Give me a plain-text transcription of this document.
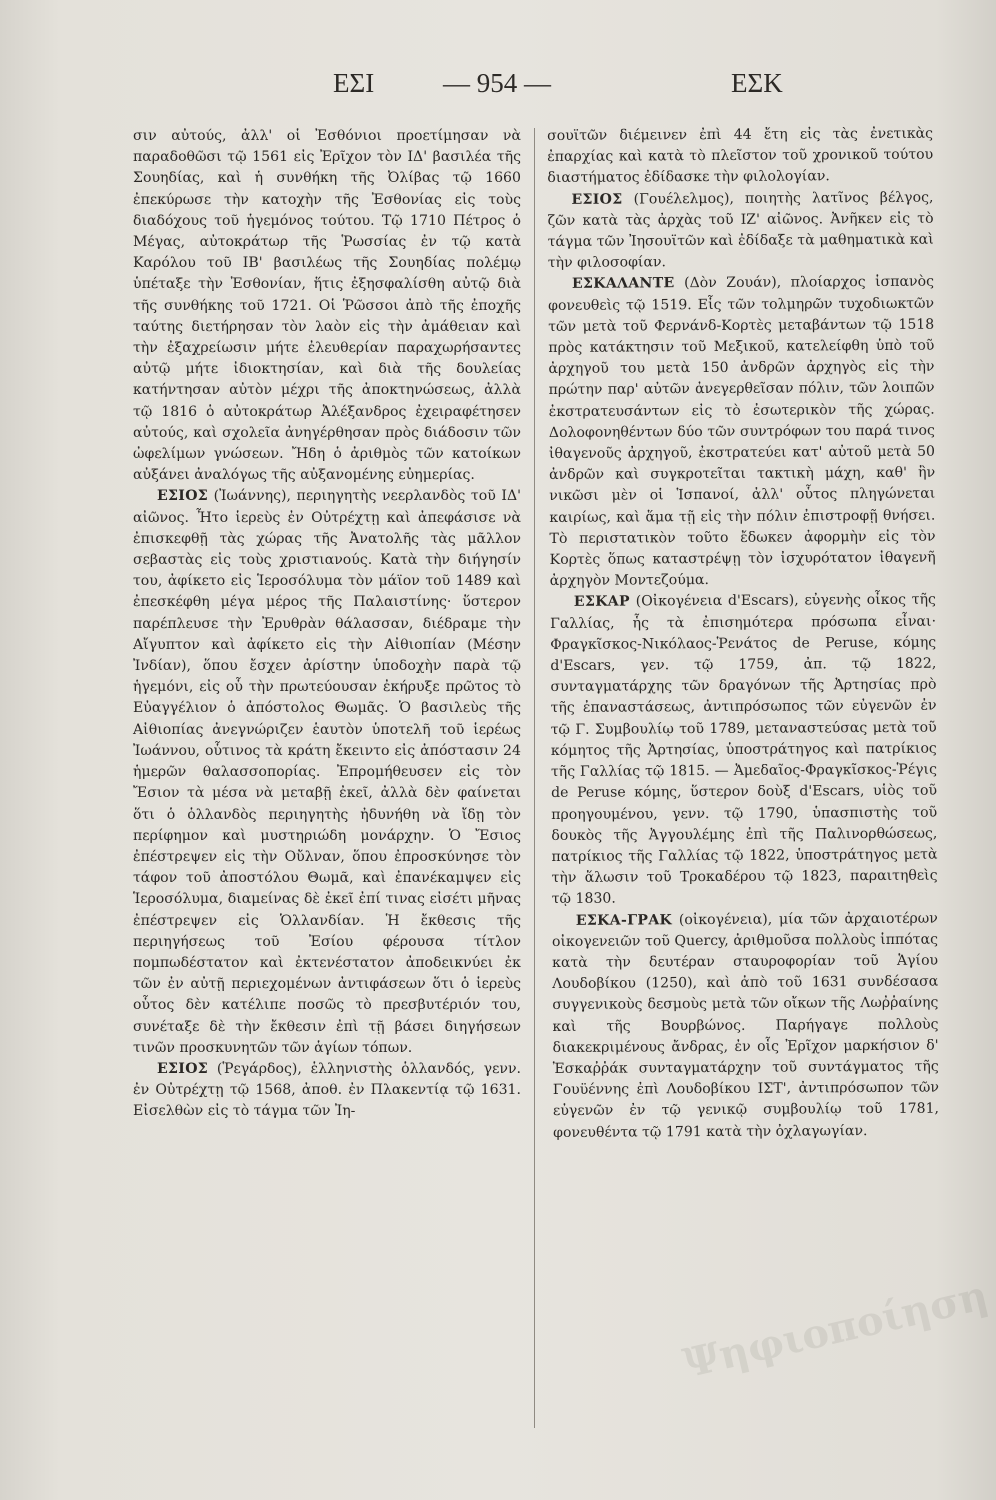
ΕΣΙ	— 954 —	ΕΣΚ

σιν αὐτούς, ἀλλ' οἱ Ἐσθόνιοι προετίμησαν νὰ παραδοθῶσι τῷ 1561 εἰς Ἐρῖχον τὸν ΙΔ' βασιλέα τῆς Σουηδίας, καὶ ἡ συνθήκη τῆς Ὀλίβας τῷ 1660 ἐπεκύρωσε τὴν κατοχὴν τῆς Ἐσθονίας εἰς τοὺς διαδόχους τοῦ ἡγεμόνος τούτου. Τῷ 1710 Πέτρος ὁ Μέγας, αὐτοκράτωρ τῆς Ῥωσσίας ἐν τῷ κατὰ Καρόλου τοῦ ΙΒ' βασιλέως τῆς Σουηδίας πολέμῳ ὑπέταξε τὴν Ἐσθονίαν, ἥτις ἐξησφαλίσθη αὐτῷ διὰ τῆς συνθήκης τοῦ 1721. Οἱ Ῥῶσσοι ἀπὸ τῆς ἐποχῆς ταύτης διετήρησαν τὸν λαὸν εἰς τὴν ἀμάθειαν καὶ τὴν ἐξαχρείωσιν μήτε ἐλευθερίαν παραχωρήσαντες αὐτῷ μήτε ἰδιοκτησίαν, καὶ διὰ τῆς δουλείας κατήντησαν αὐτὸν μέχρι τῆς ἀποκτηνώσεως, ἀλλὰ τῷ 1816 ὁ αὐτοκράτωρ Ἀλέξανδρος ἐχειραφέτησεν αὐτούς, καὶ σχολεῖα ἀνηγέρθησαν πρὸς διάδοσιν τῶν ὠφελίμων γνώσεων. Ἤδη ὁ ἀριθμὸς τῶν κατοίκων αὐξάνει ἀναλόγως τῆς αὐξανομένης εὐημερίας.

ΕΣΙΟΣ (Ἰωάννης), περιηγητὴς νεερλανδὸς τοῦ ΙΔ' αἰῶνος. Ἦτο ἱερεὺς ἐν Οὐτρέχτῃ καὶ ἀπεφάσισε νὰ ἐπισκεφθῇ τὰς χώρας τῆς Ἀνατολῆς τὰς μᾶλλον σεβαστὰς εἰς τοὺς χριστιανούς. Κατὰ τὴν διήγησίν του, ἀφίκετο εἰς Ἱεροσόλυμα τὸν μάϊον τοῦ 1489 καὶ ἐπεσκέφθη μέγα μέρος τῆς Παλαιστίνης· ὕστερον παρέπλευσε τὴν Ἐρυθρὰν θάλασσαν, διέδραμε τὴν Αἴγυπτον καὶ ἀφίκετο εἰς τὴν Αἰθιοπίαν (Μέσην Ἰνδίαν), ὅπου ἔσχεν ἀρίστην ὑποδοχὴν παρὰ τῷ ἡγεμόνι, εἰς οὗ τὴν πρωτεύουσαν ἐκήρυξε πρῶτος τὸ Εὐαγγέλιον ὁ ἀπόστολος Θωμᾶς. Ὁ βασιλεὺς τῆς Αἰθιοπίας ἀνεγνώριζεν ἑαυτὸν ὑποτελῆ τοῦ ἱερέως Ἰωάννου, οὗτινος τὰ κράτη ἔκειντο εἰς ἀπόστασιν 24 ἡμερῶν θαλασσοπορίας. Ἐπρομήθευσεν εἰς τὸν Ἔσιον τὰ μέσα νὰ μεταβῇ ἐκεῖ, ἀλλὰ δὲν φαίνεται ὅτι ὁ ὁλλανδὸς περιηγητὴς ἠδυνήθη νὰ ἴδῃ τὸν περίφημον καὶ μυστηριώδη μονάρχην. Ὁ Ἔσιος ἐπέστρεψεν εἰς τὴν Οὔλναν, ὅπου ἐπροσκύνησε τὸν τάφον τοῦ ἀποστόλου Θωμᾶ, καὶ ἐπανέκαμψεν εἰς Ἱεροσόλυμα, διαμείνας δὲ ἐκεῖ ἐπί τινας εἰσέτι μῆνας ἐπέστρεψεν εἰς Ὁλλανδίαν. Ἡ ἔκθεσις τῆς περιηγήσεως τοῦ Ἐσίου φέρουσα τίτλον πομπωδέστατον καὶ ἐκτενέστατον ἀποδεικνύει ἐκ τῶν ἐν αὐτῇ περιεχομένων ἀντιφάσεων ὅτι ὁ ἱερεὺς οὗτος δὲν κατέλιπε ποσῶς τὸ πρεσβυτέριόν του, συνέταξε δὲ τὴν ἔκθεσιν ἐπὶ τῇ βάσει διηγήσεων τινῶν προσκυνητῶν τῶν ἁγίων τόπων.

ΕΣΙΟΣ (Ῥεγάρδος), ἑλληνιστὴς ὁλλανδός, γενν. ἐν Οὐτρέχτῃ τῷ 1568, ἀποθ. ἐν Πλακεντίᾳ τῷ 1631. Εἰσελθὼν εἰς τὸ τάγμα τῶν Ἰη-

σουϊτῶν διέμεινεν ἐπὶ 44 ἔτη εἰς τὰς ἐνετικὰς ἐπαρχίας καὶ κατὰ τὸ πλεῖστον τοῦ χρονικοῦ τούτου διαστήματος ἐδίδασκε τὴν φιλολογίαν.

ΕΣΙΟΣ (Γουέλελμος), ποιητὴς λατῖνος βέλγος, ζῶν κατὰ τὰς ἀρχὰς τοῦ ΙΖ' αἰῶνος. Ἀνῆκεν εἰς τὸ τάγμα τῶν Ἰησουϊτῶν καὶ ἐδίδαξε τὰ μαθηματικὰ καὶ τὴν φιλοσοφίαν.

ΕΣΚΑΛΑΝΤΕ (Δὸν Ζουάν), πλοίαρχος ἱσπανὸς φονευθεὶς τῷ 1519. Εἷς τῶν τολμηρῶν τυχοδιωκτῶν τῶν μετὰ τοῦ Φερνάνδ-Κορτὲς μεταβάντων τῷ 1518 πρὸς κατάκτησιν τοῦ Μεξικοῦ, κατελείφθη ὑπὸ τοῦ ἀρχηγοῦ του μετὰ 150 ἀνδρῶν ἀρχηγὸς εἰς τὴν πρώτην παρ' αὐτῶν ἀνεγερθεῖσαν πόλιν, τῶν λοιπῶν ἐκστρατευσάντων εἰς τὸ ἐσωτερικὸν τῆς χώρας. Δολοφονηθέντων δύο τῶν συντρόφων του παρά τινος ἰθαγενοῦς ἀρχηγοῦ, ἐκστρατεύει κατ' αὐτοῦ μετὰ 50 ἀνδρῶν καὶ συγκροτεῖται τακτικὴ μάχη, καθ' ἣν νικῶσι μὲν οἱ Ἱσπανοί, ἀλλ' οὗτος πληγώνεται καιρίως, καὶ ἅμα τῇ εἰς τὴν πόλιν ἐπιστροφῇ θνήσει. Τὸ περιστατικὸν τοῦτο ἔδωκεν ἀφορμὴν εἰς τὸν Κορτὲς ὅπως καταστρέψῃ τὸν ἰσχυρότατον ἰθαγενῆ ἀρχηγὸν Μοντεζούμα.

ΕΣΚΑΡ (Οἰκογένεια d'Escars), εὐγενὴς οἶκος τῆς Γαλλίας, ἧς τὰ ἐπισημότερα πρόσωπα εἶναι· Φραγκῖσκος-Νικόλαος-Ῥενάτος de Peruse, κόμης d'Escars, γεν. τῷ 1759, ἀπ. τῷ 1822, συνταγματάρχης τῶν δραγόνων τῆς Ἀρτησίας πρὸ τῆς ἐπαναστάσεως, ἀντιπρόσωπος τῶν εὐγενῶν ἐν τῷ Γ. Συμβουλίῳ τοῦ 1789, μεταναστεύσας μετὰ τοῦ κόμητος τῆς Ἀρτησίας, ὑποστράτηγος καὶ πατρίκιος τῆς Γαλλίας τῷ 1815. — Ἀμεδαῖος-Φραγκῖσκος-Ῥέγις de Peruse κόμης, ὕστερον δοὺξ d'Escars, υἱὸς τοῦ προηγουμένου, γενν. τῷ 1790, ὑπασπιστὴς τοῦ δουκὸς τῆς Ἀγγουλέμης ἐπὶ τῆς Παλινορθώσεως, πατρίκιος τῆς Γαλλίας τῷ 1822, ὑποστράτηγος μετὰ τὴν ἅλωσιν τοῦ Τροκαδέρου τῷ 1823, παραιτηθεὶς τῷ 1830.

ΕΣΚΑ-ΓΡΑΚ (οἰκογένεια), μία τῶν ἀρχαιοτέρων οἰκογενειῶν τοῦ Quercy, ἀριθμοῦσα πολλοὺς ἱππότας κατὰ τὴν δευτέραν σταυροφορίαν τοῦ Ἁγίου Λουδοβίκου (1250), καὶ ἀπὸ τοῦ 1631 συνδέσασα συγγενικοὺς δεσμοὺς μετὰ τῶν οἴκων τῆς Λωῤῥαίνης καὶ τῆς Βουρβώνος. Παρήγαγε πολλοὺς διακεκριμένους ἄνδρας, ἐν οἷς Ἐρῖχον μαρκήσιον δ' Ἐσκαῤῥάκ συνταγματάρχην τοῦ συντάγματος τῆς Γουϋέννης ἐπὶ Λουδοβίκου ΙΣΤ', ἀντιπρόσωπον τῶν εὐγενῶν ἐν τῷ γενικῷ συμβουλίῳ τοῦ 1781, φονευθέντα τῷ 1791 κατὰ τὴν ὀχλαγωγίαν.

Ψηφιοποίηση
